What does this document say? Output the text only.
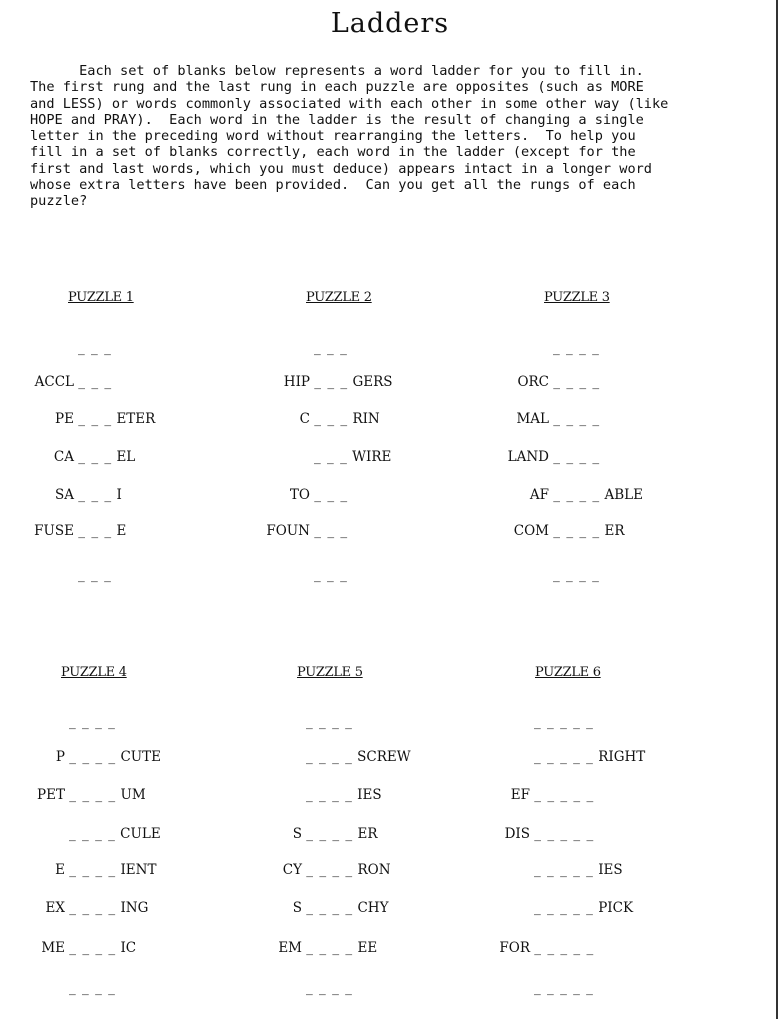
Ladders
Each set of blanks below represents a word ladder for you to fill in.
The first rung and the last rung in each puzzle are opposites (such as MORE
and LESS) or words commonly associated with each other in some other way (like
HOPE and PRAY).  Each word in the ladder is the result of changing a single
letter in the preceding word without rearranging the letters.  To help you
fill in a set of blanks correctly, each word in the ladder (except for the
first and last words, which you must deduce) appears intact in a longer word
whose extra letters have been provided.  Can you get all the rungs of each
puzzle?
PUZZLE 1
_ _ _
ACCL _ _ _
PE _ _ _ ETER
CA _ _ _ EL
SA _ _ _ I
FUSE _ _ _ E
_ _ _
PUZZLE 2
_ _ _
HIP _ _ _ GERS
C _ _ _ RIN
_ _ _ WIRE
TO _ _ _
FOUN _ _ _
_ _ _
PUZZLE 3
_ _ _ _
ORC _ _ _ _
MAL _ _ _ _
LAND _ _ _ _
AF _ _ _ _ ABLE
COM _ _ _ _ ER
_ _ _ _
PUZZLE 4
_ _ _ _
P _ _ _ _ CUTE
PET _ _ _ _ UM
_ _ _ _ CULE
E _ _ _ _ IENT
EX _ _ _ _ ING
ME _ _ _ _ IC
_ _ _ _
PUZZLE 5
_ _ _ _
_ _ _ _ SCREW
_ _ _ _ IES
S _ _ _ _ ER
CY _ _ _ _ RON
S _ _ _ _ CHY
EM _ _ _ _ EE
_ _ _ _
PUZZLE 6
_ _ _ _ _
_ _ _ _ _ RIGHT
EF _ _ _ _ _
DIS _ _ _ _ _
_ _ _ _ _ IES
_ _ _ _ _ PICK
FOR _ _ _ _ _
_ _ _ _ _
